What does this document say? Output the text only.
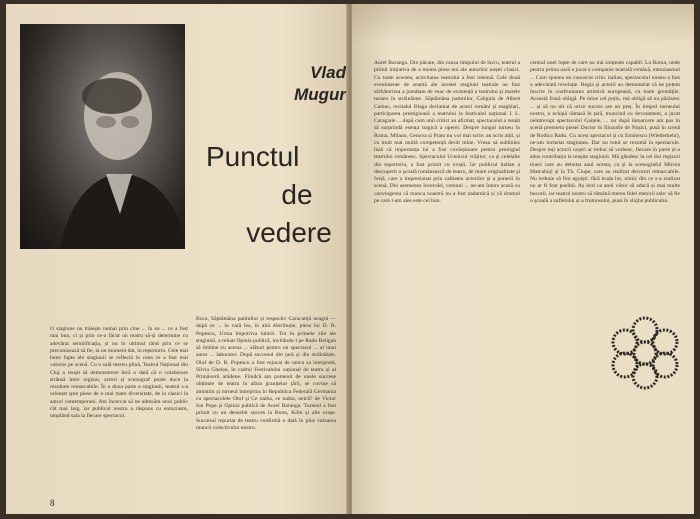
Vlad
Mugur
Punctul
de
vedere

O stagiune nu trăiește numai prin cine ... în ea ... ce a fost mai bun, ci și prin ce-a făcut un teatru să-și determine cu adevărat semnificația, și nu în ultimul rând prin ce se preconizează să fie, la un moment dat, în repertoriu. Cele mai bune fapte ale stagiunii se reflectă în ceea ce a fost mai valoros pe scenă. Cu o sală mereu plină, Teatrul Național din Cluj a reușit să demonstreze încă o dată că o colaborare strânsă între regizor, actori și scenograf poate duce la rezultate remarcabile. În a doua parte a stagiunii, teatrul s-a orientat spre piese de o mai mare diversitate, de la clasici la autori contemporani. Am încercat să ne adresăm unui public cât mai larg, iar publicul nostru a răspuns cu entuziasm, umplând sala la fiecare spectacol.

Boca, Săptămâna patimilor și respectiv Caracatiță neagră — după ce ... în vară lea, în altă distribuție, piesa lui D. R. Popescu, Urma împotriva iubirii. Tot în primele zile ale stagiunii, a reluat Opinia publică, invitându-l pe Radu Beligan să îmbine cu acesta ... alături pentru un spectacol ... al unui autor ... laborator. După succesul din țară și din străinătate, Olof de D. R. Popescu a fost rejucat de unica sa interpretă, Silvia Ghelan, în cadrul Festivalului național de teatru și al Primăverii arădene. Fiindcă am pomenit de unele succese obținute de teatru în afara granițelor țării, se cuvine să amintim și turneul întreprins în Republica Federală Germania cu spectacolele Olof și Ce naiba, ce naiba, neică? de Victor Ion Popa și Opinia publică de Aurel Baranga. Turneul a fost primit cu un deosebit succes la Bonn, Köln și alte orașe. Succesul repurtat de teatru confirmă o dată în plus valoarea muncii colectivului nostru.

8

Aurel Baranga. Din păcate, din cauza timpului de lucru, teatrul a primit inițiativa de a monta piese noi ale autorilor noștri clasici. Cu toate acestea, activitatea teatrului a fost intensă. Cele două evenimente de seamă ale acestei stagiuni teatrale au fost sărbătorirea a jumătate de veac de existență a teatrului și marele turneu în străinătate. Săptămâna patimilor, Caligula de Albert Camus, recitalul Blaga declamat de actori români și maghiari, participarea prestigioasă a teatrului la festivalul național I. L. Caragiale ... după cum unii critici au afirmat, spectacolul a reușit să surprindă esența tragică a operei. Despre lungul turneu în Roma, Milano, Genova și Prato nu voi mai scrie: au scris alții, și cu mult mai multă competență decât mine. Vreau să subliniez însă că importanța lui a fost covârșitoare pentru prestigiul teatrului românesc. Spectacolul Ucenicul vrăjitor, ca și celelalte din repertoriu, a fost primit cu ovații. Iar publicul italian a descoperit o școală românească de teatru, de mare originalitate și forță, care a impresionat prin calitatea actorilor și a punerii în scenă. Din asemenea încercări, comuni ... ne-am întors acasă cu convingerea că munca noastră nu a fost zadarnică și că drumul pe care l-am ales este cel bun.

central unei lupte de care nu mă simțeam capabil. La Roma, unde pentru prima oară a jucat o companie teatrală română, entuziasmul ... Cum spunea un cunoscut critic italian, spectacolul nostru a fost o adevărată revelație. Regia și actorii au demonstrat că ne putem înscrie în confruntarea artistică europeană, cu toate greutățile. Această frază obligă. Pe mine cel puțin, mă obligă să nu părăsesc ... și să nu uit că orice succes are un preț. În timpul turneului nostru, o echipă rămasă în țară, muncind cu devotament, a jucat neîntrerupt spectacolul Gaițele, ... iar după întoarcere am pus în scenă premiera piesei Doctor în filozofie de Nușici, pusă în scenă de Rodica Radu. Cu acest spectacol și cu Eminescu (Wiederkehr), ne-am încheiat stagiunea. Dar nu totul se rezumă la spectacole. Despre toți actorii noștri ar trebui să vorbesc, fiecare în parte și-a adus contribuția la reușita stagiunii. Mă gândesc la cei doi regizori tineri care au debutat anul acesta, ca și la scenograful Mircea Matcaboji și la Th. Ciupe, care au realizat decoruri remarcabile. Nu trebuie să fim egoiști: fără truda lor, nimic din ce s-a realizat nu ar fi fost posibil. Aș dori ca anul viitor să aducă și mai multe bucurii, iar teatrul nostru să rămână mereu fidel menirii sale: să fie o școală a sufletului și a frumosului, pusă în slujba publicului.
